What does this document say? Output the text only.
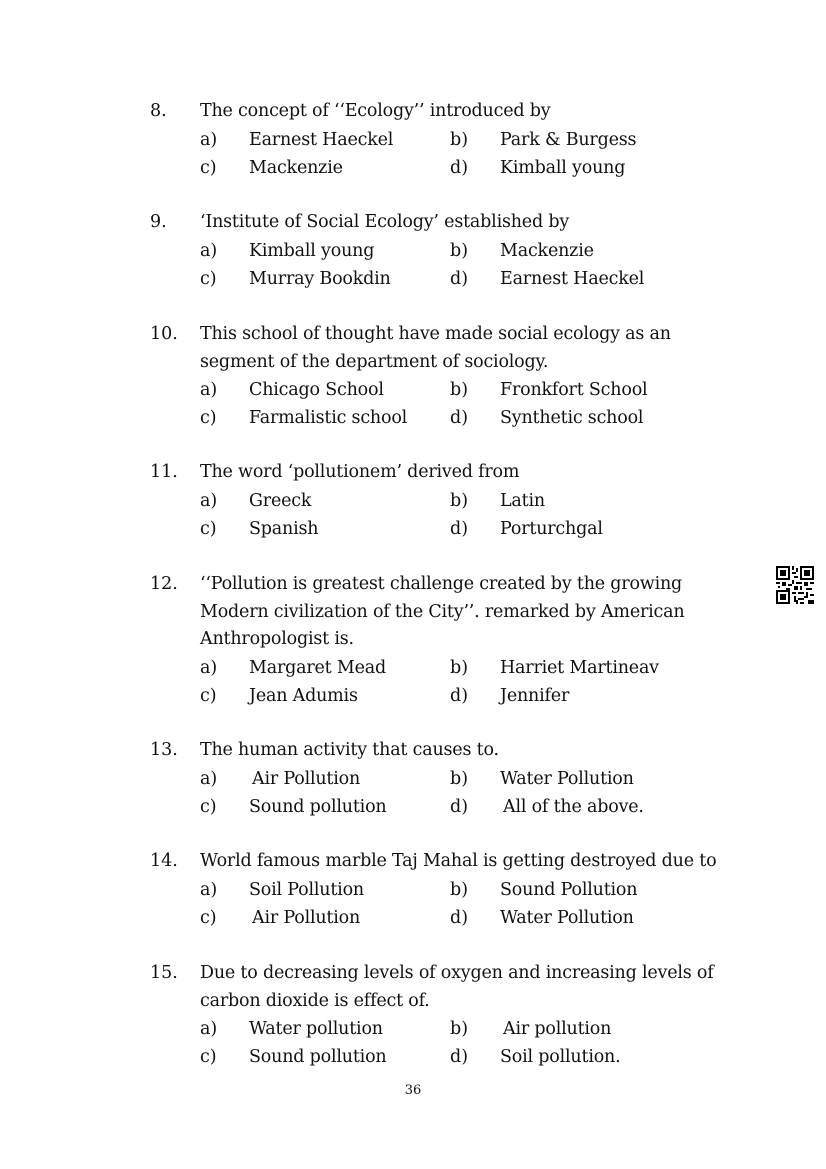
8. The concept of ‘‘Ecology’’ introduced by
a) Earnest Haeckel	b) Park & Burgess
c) Mackenzie	d) Kimball young
9. ‘Institute of Social Ecology’ established by
a) Kimball young	b) Mackenzie
c) Murray Bookdin	d) Earnest Haeckel
10. This school of thought have made social ecology as an segment of the department of sociology.
a) Chicago School	b) Fronkfort School
c) Farmalistic school d) Synthetic school
11. The word ‘pollutionem’ derived from
a) Greeck	b) Latin
c) Spanish	d) Porturchgal
12. ‘‘Pollution is greatest challenge created by the growing Modern civilization of the City’’. remarked by American Anthropologist is.
a) Margaret Mead	b) Harriet Martineav
c) Jean Adumis	d) Jennifer
13. The human activity that causes to.
a) Air Pollution	b) Water Pollution
c) Sound pollution	d) All of the above.
14. World famous marble Taj Mahal is getting destroyed due to
a) Soil Pollution	b) Sound Pollution
c) Air Pollution	d) Water Pollution
15. Due to decreasing levels of oxygen and increasing levels of carbon dioxide is effect of.
a) Water pollution	b) Air pollution
c) Sound pollution	d) Soil pollution.
36
